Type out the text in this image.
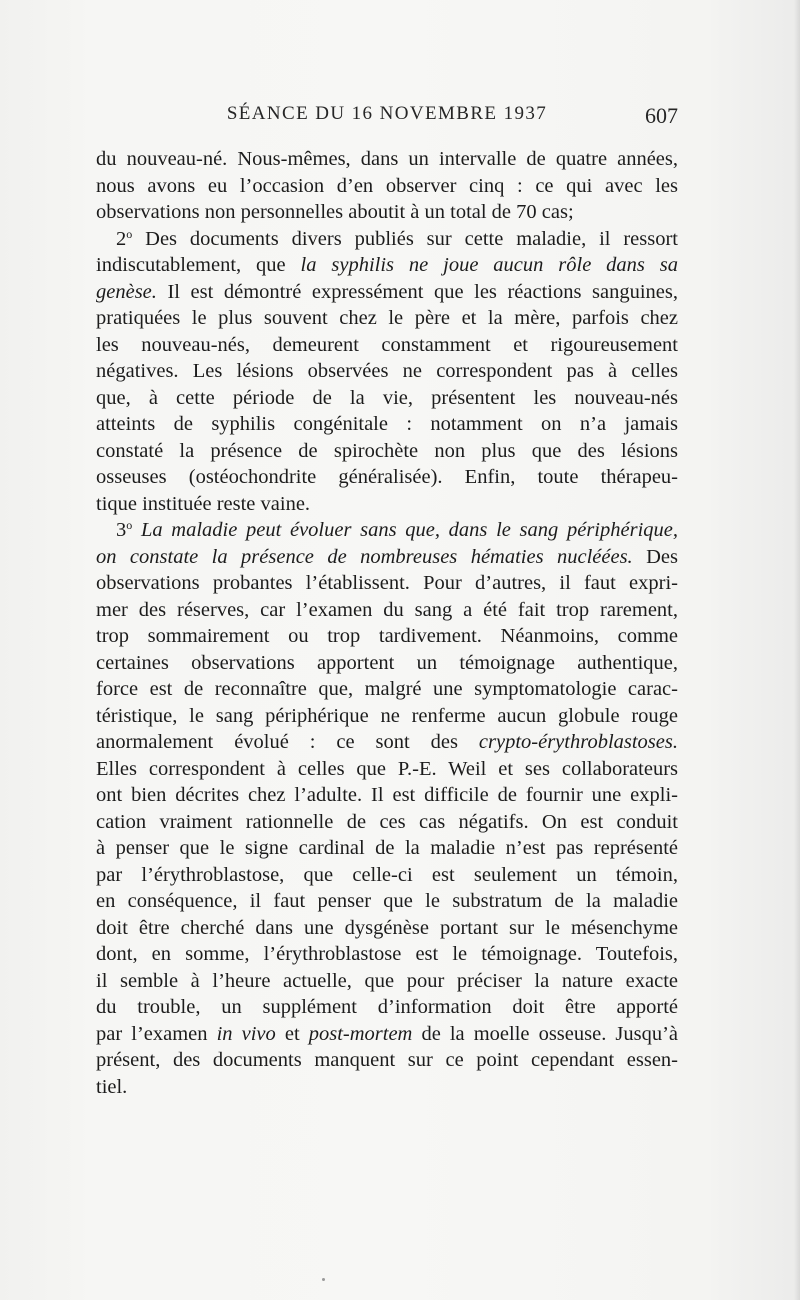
SÉANCE DU 16 NOVEMBRE 1937	607
du nouveau-né. Nous-mêmes, dans un intervalle de quatre années,
nous avons eu l’occasion d’en observer cinq : ce qui avec les
observations non personnelles aboutit à un total de 70 cas;
2$^o$ Des documents divers publiés sur cette maladie, il ressort
indiscutablement, que la syphilis ne joue aucun rôle dans sa
genèse. Il est démontré expressément que les réactions sanguines,
pratiquées le plus souvent chez le père et la mère, parfois chez
les nouveau-nés, demeurent constamment et rigoureusement
négatives. Les lésions observées ne correspondent pas à celles
que, à cette période de la vie, présentent les nouveau-nés
atteints de syphilis congénitale : notamment on n’a jamais
constaté la présence de spirochète non plus que des lésions
osseuses (ostéochondrite généralisée). Enfin, toute thérapeu-
tique instituée reste vaine.
3$^o$ La maladie peut évoluer sans que, dans le sang périphérique,
on constate la présence de nombreuses hématies nucléées. Des
observations probantes l’établissent. Pour d’autres, il faut expri-
mer des réserves, car l’examen du sang a été fait trop rarement,
trop sommairement ou trop tardivement. Néanmoins, comme
certaines observations apportent un témoignage authentique,
force est de reconnaître que, malgré une symptomatologie carac-
téristique, le sang périphérique ne renferme aucun globule rouge
anormalement évolué : ce sont des crypto-érythroblastoses.
Elles correspondent à celles que P.-E. Weil et ses collaborateurs
ont bien décrites chez l’adulte. Il est difficile de fournir une expli-
cation vraiment rationnelle de ces cas négatifs. On est conduit
à penser que le signe cardinal de la maladie n’est pas représenté
par l’érythroblastose, que celle-ci est seulement un témoin,
en conséquence, il faut penser que le substratum de la maladie
doit être cherché dans une dysgénèse portant sur le mésenchyme
dont, en somme, l’érythroblastose est le témoignage. Toutefois,
il semble à l’heure actuelle, que pour préciser la nature exacte
du trouble, un supplément d’information doit être apporté
par l’examen in vivo et post-mortem de la moelle osseuse. Jusqu’à
présent, des documents manquent sur ce point cependant essen-
tiel.
